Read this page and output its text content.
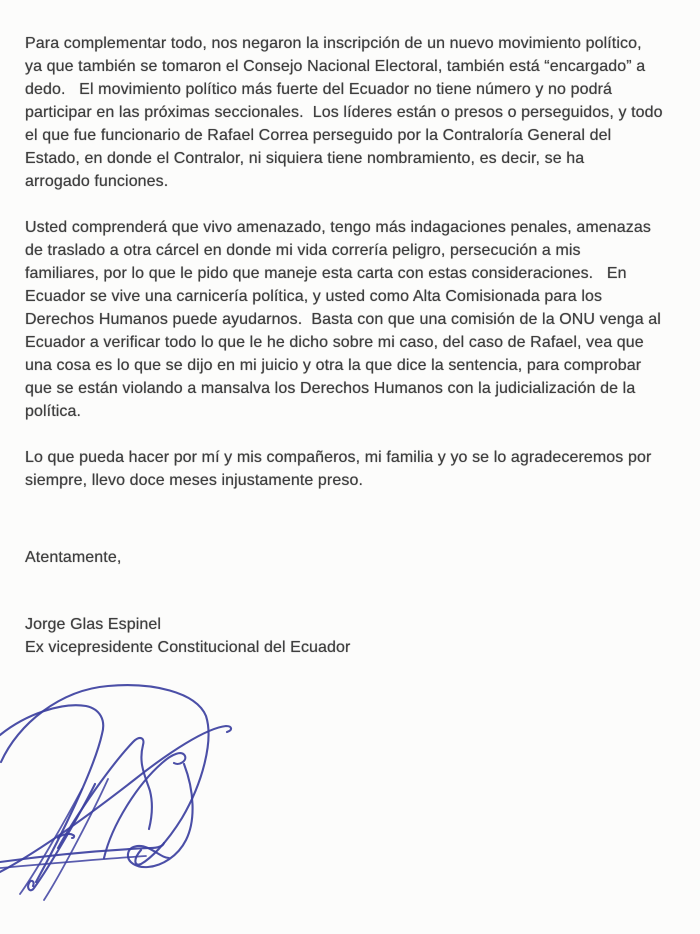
Para complementar todo, nos negaron la inscripción de un nuevo movimiento político,
ya que también se tomaron el Consejo Nacional Electoral, también está “encargado” a
dedo.   El movimiento político más fuerte del Ecuador no tiene número y no podrá
participar en las próximas seccionales.  Los líderes están o presos o perseguidos, y todo
el que fue funcionario de Rafael Correa perseguido por la Contraloría General del
Estado, en donde el Contralor, ni siquiera tiene nombramiento, es decir, se ha
arrogado funciones.
Usted comprenderá que vivo amenazado, tengo más indagaciones penales, amenazas
de traslado a otra cárcel en donde mi vida correría peligro, persecución a mis
familiares, por lo que le pido que maneje esta carta con estas consideraciones.   En
Ecuador se vive una carnicería política, y usted como Alta Comisionada para los
Derechos Humanos puede ayudarnos.  Basta con que una comisión de la ONU venga al
Ecuador a verificar todo lo que le he dicho sobre mi caso, del caso de Rafael, vea que
una cosa es lo que se dijo en mi juicio y otra la que dice la sentencia, para comprobar
que se están violando a mansalva los Derechos Humanos con la judicialización de la
política.
Lo que pueda hacer por mí y mis compañeros, mi familia y yo se lo agradeceremos por
siempre, llevo doce meses injustamente preso.
Atentamente,
Jorge Glas Espinel
Ex vicepresidente Constitucional del Ecuador
